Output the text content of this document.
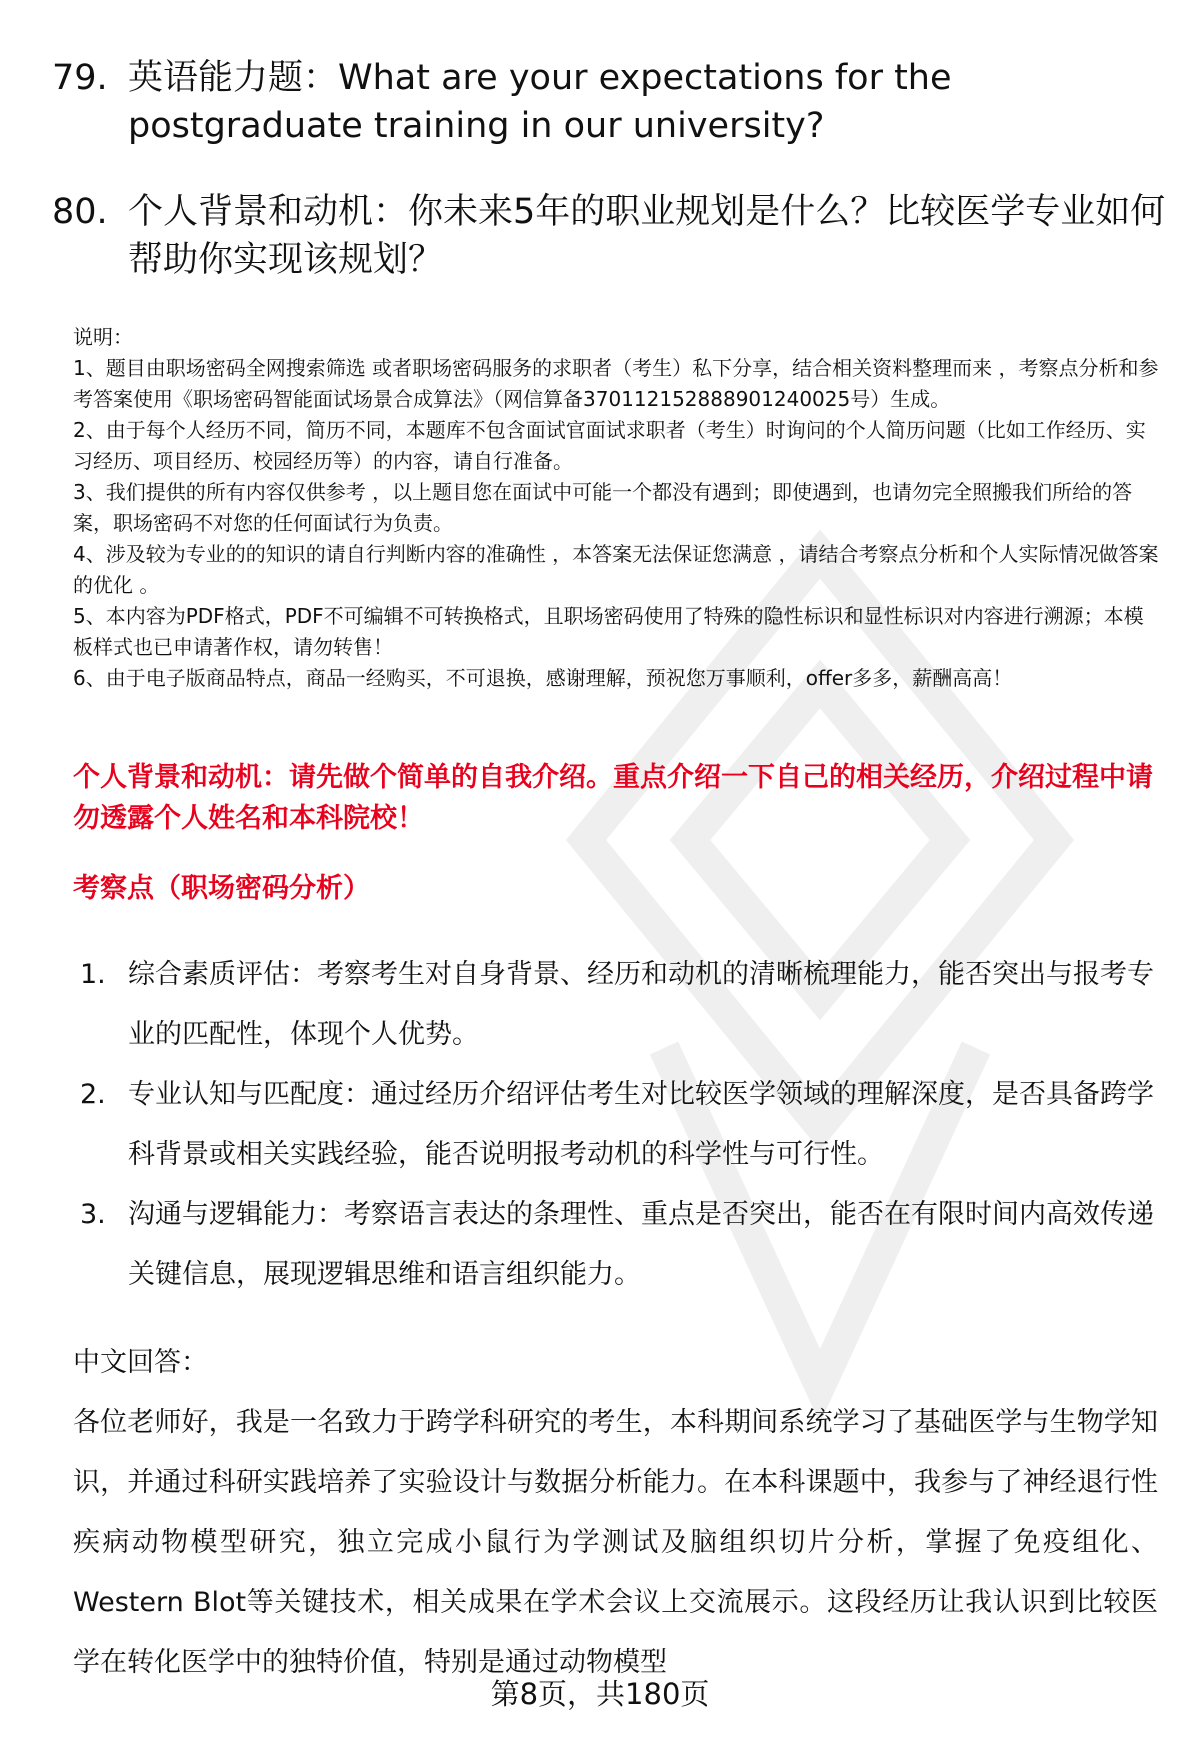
79. 英语能力题：What are your expectations for the postgraduate training in our university?
80. 个人背景和动机：你未来5年的职业规划是什么？比较医学专业如何帮助你实现该规划？
说明：
1、题目由职场密码全网搜索筛选 或者职场密码服务的求职者（考生）私下分享，结合相关资料整理而来 ，考察点分析和参考答案使用《职场密码智能面试场景合成算法》（网信算备370112152888901240025号）生成。
2、由于每个人经历不同，简历不同，本题库不包含面试官面试求职者（考生）时询问的个人简历问题（比如工作经历、实习经历、项目经历、校园经历等）的内容，请自行准备。
3、我们提供的所有内容仅供参考 ，以上题目您在面试中可能一个都没有遇到；即使遇到，也请勿完全照搬我们所给的答案，职场密码不对您的任何面试行为负责。
4、涉及较为专业的的知识的请自行判断内容的准确性 ，本答案无法保证您满意 ，请结合考察点分析和个人实际情况做答案的优化 。
5、本内容为PDF格式，PDF不可编辑不可转换格式，且职场密码使用了特殊的隐性标识和显性标识对内容进行溯源；本模板样式也已申请著作权，请勿转售！
6、由于电子版商品特点，商品一经购买，不可退换，感谢理解，预祝您万事顺利，offer多多，薪酬高高！
个人背景和动机：请先做个简单的自我介绍。重点介绍一下自己的相关经历，介绍过程中请勿透露个人姓名和本科院校！
考察点（职场密码分析）
1. 综合素质评估：考察考生对自身背景、经历和动机的清晰梳理能力，能否突出与报考专业的匹配性，体现个人优势。
2. 专业认知与匹配度：通过经历介绍评估考生对比较医学领域的理解深度，是否具备跨学科背景或相关实践经验，能否说明报考动机的科学性与可行性。
3. 沟通与逻辑能力：考察语言表达的条理性、重点是否突出，能否在有限时间内高效传递关键信息，展现逻辑思维和语言组织能力。
中文回答：
各位老师好，我是一名致力于跨学科研究的考生，本科期间系统学习了基础医学与生物学知识，并通过科研实践培养了实验设计与数据分析能力。在本科课题中，我参与了神经退行性疾病动物模型研究，独立完成小鼠行为学测试及脑组织切片分析，掌握了免疫组化、Western Blot等关键技术，相关成果在学术会议上交流展示。这段经历让我认识到比较医学在转化医学中的独特价值，特别是通过动物模型
第8页，共180页
